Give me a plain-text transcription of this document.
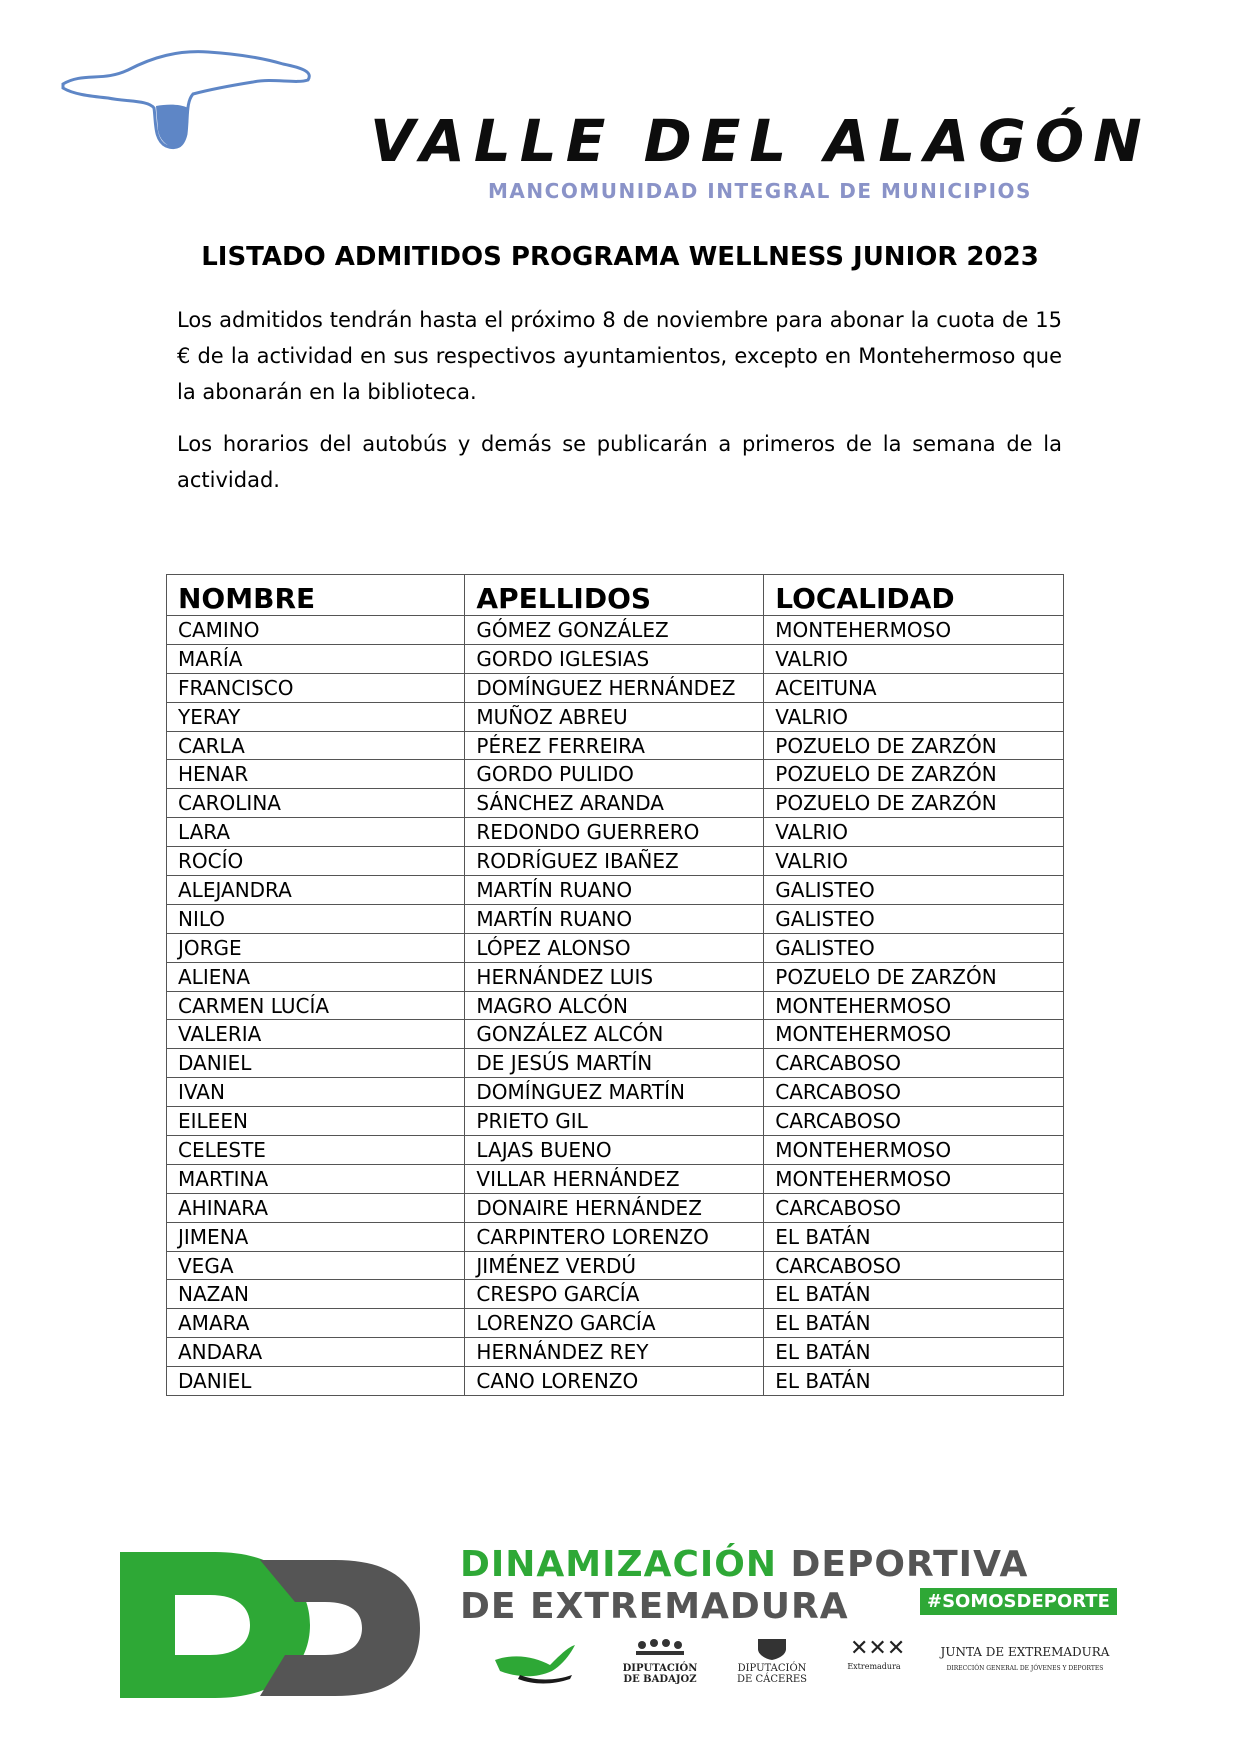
VALLE DEL ALAGÓN
MANCOMUNIDAD INTEGRAL DE MUNICIPIOS
LISTADO ADMITIDOS PROGRAMA WELLNESS JUNIOR 2023
Los admitidos tendrán hasta el próximo 8 de noviembre para abonar la cuota de 15 € de la actividad en sus respectivos ayuntamientos, excepto en Montehermoso que la abonarán en la biblioteca.
Los horarios del autobús y demás se publicarán a primeros de la semana de la actividad.
NOMBRE	APELLIDOS	LOCALIDAD
CAMINO	GÓMEZ GONZÁLEZ	MONTEHERMOSO
MARÍA	GORDO IGLESIAS	VALRIO
FRANCISCO	DOMÍNGUEZ HERNÁNDEZ	ACEITUNA
YERAY	MUÑOZ ABREU	VALRIO
CARLA	PÉREZ FERREIRA	POZUELO DE ZARZÓN
HENAR	GORDO PULIDO	POZUELO DE ZARZÓN
CAROLINA	SÁNCHEZ ARANDA	POZUELO DE ZARZÓN
LARA	REDONDO GUERRERO	VALRIO
ROCÍO	RODRÍGUEZ IBAÑEZ	VALRIO
ALEJANDRA	MARTÍN RUANO	GALISTEO
NILO	MARTÍN RUANO	GALISTEO
JORGE	LÓPEZ ALONSO	GALISTEO
ALIENA	HERNÁNDEZ LUIS	POZUELO DE ZARZÓN
CARMEN LUCÍA	MAGRO ALCÓN	MONTEHERMOSO
VALERIA	GONZÁLEZ ALCÓN	MONTEHERMOSO
DANIEL	DE JESÚS MARTÍN	CARCABOSO
IVAN	DOMÍNGUEZ MARTÍN	CARCABOSO
EILEEN	PRIETO GIL	CARCABOSO
CELESTE	LAJAS BUENO	MONTEHERMOSO
MARTINA	VILLAR HERNÁNDEZ	MONTEHERMOSO
AHINARA	DONAIRE HERNÁNDEZ	CARCABOSO
JIMENA	CARPINTERO LORENZO	EL BATÁN
VEGA	JIMÉNEZ VERDÚ	CARCABOSO
NAZAN	CRESPO GARCÍA	EL BATÁN
AMARA	LORENZO GARCÍA	EL BATÁN
ANDARA	HERNÁNDEZ REY	EL BATÁN
DANIEL	CANO LORENZO	EL BATÁN
DINAMIZACIÓN DEPORTIVA
DE EXTREMADURA	#SOMOSDEPORTE
DIPUTACIÓN
DE BADAJOZ
DIPUTACIÓN
DE CÁCERES
✕✕✕
Extremadura
JUNTA DE EXTREMADURA
DIRECCIÓN GENERAL DE JÓVENES Y DEPORTES
